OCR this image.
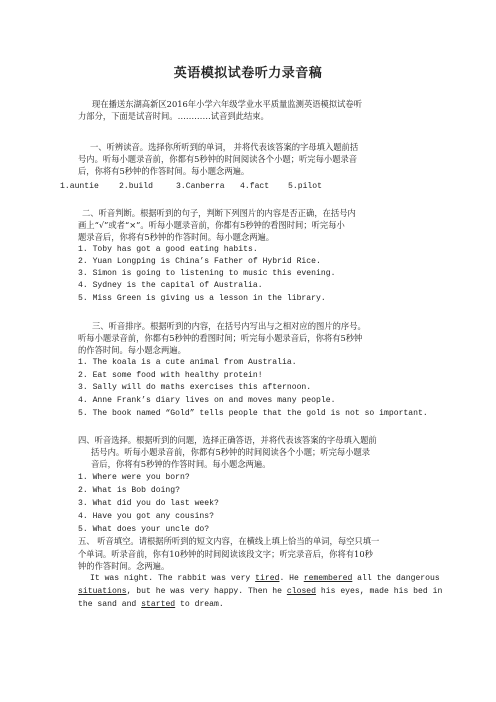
英语模拟试卷听力录音稿
现在播送东湖高新区2016年小学六年级学业水平质量监测英语模拟试卷听
力部分，下面是试音时间。…………试音到此结束。
一、听辨读音。选择你所听到的单词， 并将代表该答案的字母填入题前括
号内。听每小题录音前，你都有5秒钟的时间阅读各个小题；听完每小题录音
后，你将有5秒钟的作答时间。每小题念两遍。
1.auntie 2.build	3.Canberra 4.fact 5.pilot
二、听音判断。根据听到的句子，判断下列图片的内容是否正确，在括号内
画上“√”或者“×”。听每小题录音前，你都有5秒钟的看图时间；听完每小
题录音后，你将有5秒钟的作答时间。每小题念两遍。
1. Toby has got a good eating habits.
2. Yuan Longping is China’s Father of Hybrid Rice.
3. Simon is going to listening to music this evening.
4. Sydney is the capital of Australia.
5. Miss Green is giving us a lesson in the library.
三、听音排序。根据听到的内容，在括号内写出与之相对应的图片的序号。
听每小题录音前，你都有5秒钟的看图时间；听完每小题录音后，你将有5秒钟
的作答时间。每小题念两遍。
1. The koala is a cute animal from Australia.
2. Eat some food with healthy protein!
3. Sally will do maths exercises this afternoon.
4. Anne Frank’s diary lives on and moves many people.
5. The book named “Gold” tells people that the gold is not so important.
四、听音选择。根据听到的问题，选择正确答语，并将代表该答案的字母填入题前
括号内。听每小题录音前，你都有5秒钟的时间阅读各个小题；听完每小题录
音后，你将有5秒钟的作答时间。每小题念两遍。
1. Where were you born?
2. What is Bob doing?
3. What did you do last week?
4. Have you got any cousins?
5. What does your uncle do?
五、 听音填空。请根据所听到的短文内容，在横线上填上恰当的单词，每空只填一
个单词。听录音前，你有10秒钟的时间阅读该段文字；听完录音后，你将有10秒
钟的作答时间。念两遍。
It was night. The rabbit was very tired. He remembered all the dangerous
situations, but he was very happy. Then he closed his eyes, made his bed in
the sand and started to dream.
